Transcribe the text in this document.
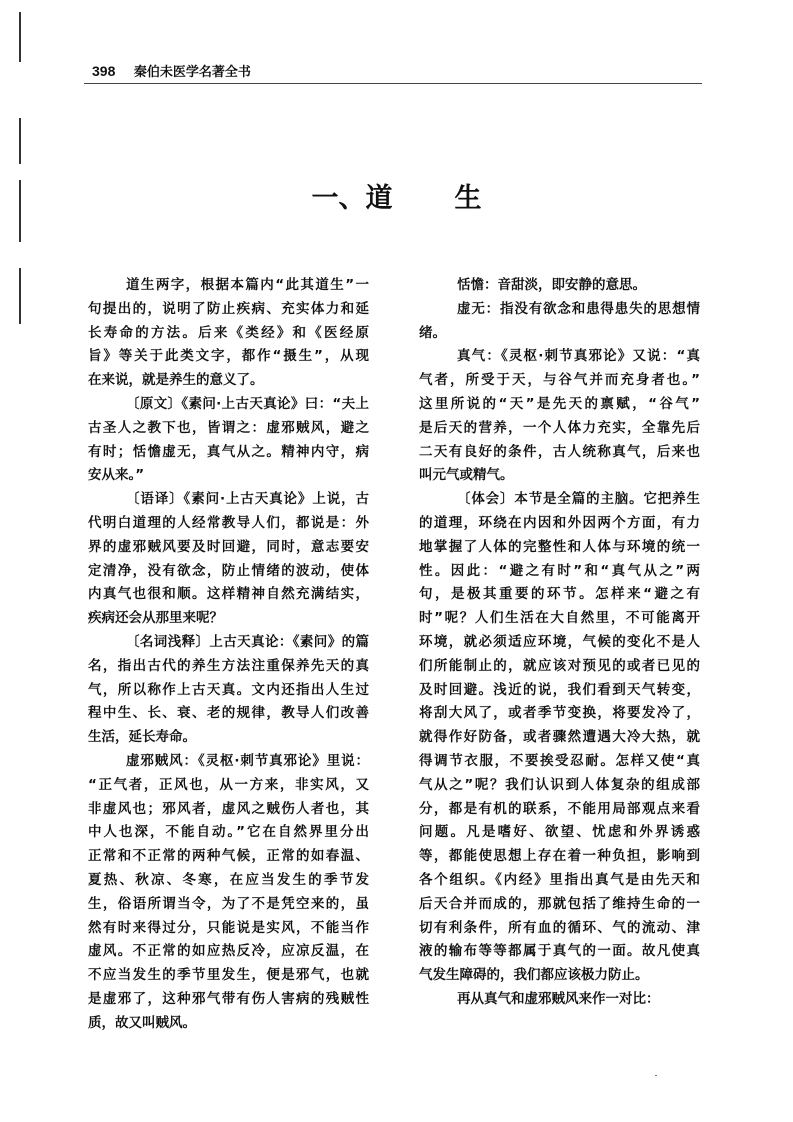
398 秦伯未医学名著全书
一、道 生
道生两字，根据本篇内“此其道生”一
句提出的，说明了防止疾病、充实体力和延
长寿命的方法。后来《类经》和《医经原
旨》等关于此类文字，都作“摄生”，从现
在来说，就是养生的意义了。
〔原文〕《素问·上古天真论》曰：“夫上
古圣人之教下也，皆谓之：虚邪贼风，避之
有时；恬憺虚无，真气从之。精神内守，病
安从来。”
〔语译〕《素问·上古天真论》上说，古
代明白道理的人经常教导人们，都说是：外
界的虚邪贼风要及时回避，同时，意志要安
定清净，没有欲念，防止情绪的波动，使体
内真气也很和顺。这样精神自然充满结实，
疾病还会从那里来呢？
〔名词浅释〕上古天真论：《素问》的篇
名，指出古代的养生方法注重保养先天的真
气，所以称作上古天真。文内还指出人生过
程中生、长、衰、老的规律，教导人们改善
生活，延长寿命。
虚邪贼风：《灵枢·刺节真邪论》里说：
“正气者，正风也，从一方来，非实风，又
非虚风也；邪风者，虚风之贼伤人者也，其
中人也深，不能自动。”它在自然界里分出
正常和不正常的两种气候，正常的如春温、
夏热、秋凉、冬寒，在应当发生的季节发
生，俗语所谓当令，为了不是凭空来的，虽
然有时来得过分，只能说是实风，不能当作
虚风。不正常的如应热反冷，应凉反温，在
不应当发生的季节里发生，便是邪气，也就
是虚邪了，这种邪气带有伤人害病的残贼性
质，故又叫贼风。
恬憺：音甜淡，即安静的意思。
虚无：指没有欲念和患得患失的思想情
绪。
真气：《灵枢·刺节真邪论》又说：“真
气者，所受于天，与谷气并而充身者也。”
这里所说的“天”是先天的禀赋，“谷气”
是后天的营养，一个人体力充实，全靠先后
二天有良好的条件，古人统称真气，后来也
叫元气或精气。
〔体会〕本节是全篇的主脑。它把养生
的道理，环绕在内因和外因两个方面，有力
地掌握了人体的完整性和人体与环境的统一
性。因此：“避之有时”和“真气从之”两
句，是极其重要的环节。怎样来“避之有
时”呢？人们生活在大自然里，不可能离开
环境，就必须适应环境，气候的变化不是人
们所能制止的，就应该对预见的或者已见的
及时回避。浅近的说，我们看到天气转变，
将刮大风了，或者季节变换，将要发冷了，
就得作好防备，或者骤然遭遇大冷大热，就
得调节衣服，不要挨受忍耐。怎样又使“真
气从之”呢？我们认识到人体复杂的组成部
分，都是有机的联系，不能用局部观点来看
问题。凡是嗜好、欲望、忧虑和外界诱惑
等，都能使思想上存在着一种负担，影响到
各个组织。《内经》里指出真气是由先天和
后天合并而成的，那就包括了维持生命的一
切有利条件，所有血的循环、气的流动、津
液的输布等等都属于真气的一面。故凡使真
气发生障碍的，我们都应该极力防止。
再从真气和虚邪贼风来作一对比：
